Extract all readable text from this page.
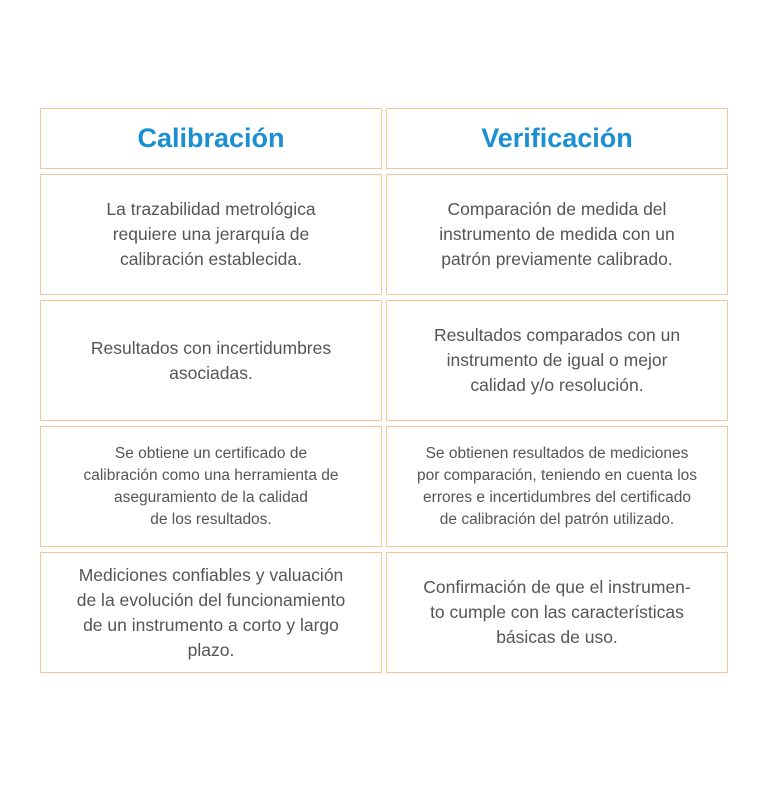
Calibración	Verificación
La trazabilidad metrológica
requiere una jerarquía de
calibración establecida.
Comparación de medida del
instrumento de medida con un
patrón previamente calibrado.
Resultados con incertidumbres
asociadas.
Resultados comparados con un
instrumento de igual o mejor
calidad y/o resolución.
Se obtiene un certificado de
calibración como una herramienta de
aseguramiento de la calidad
de los resultados.
Se obtienen resultados de mediciones
por comparación, teniendo en cuenta los
errores e incertidumbres del certificado
de calibración del patrón utilizado.
Mediciones confiables y valuación
de la evolución del funcionamiento
de un instrumento a corto y largo
plazo.
Confirmación de que el instrumen-
to cumple con las características
básicas de uso.
